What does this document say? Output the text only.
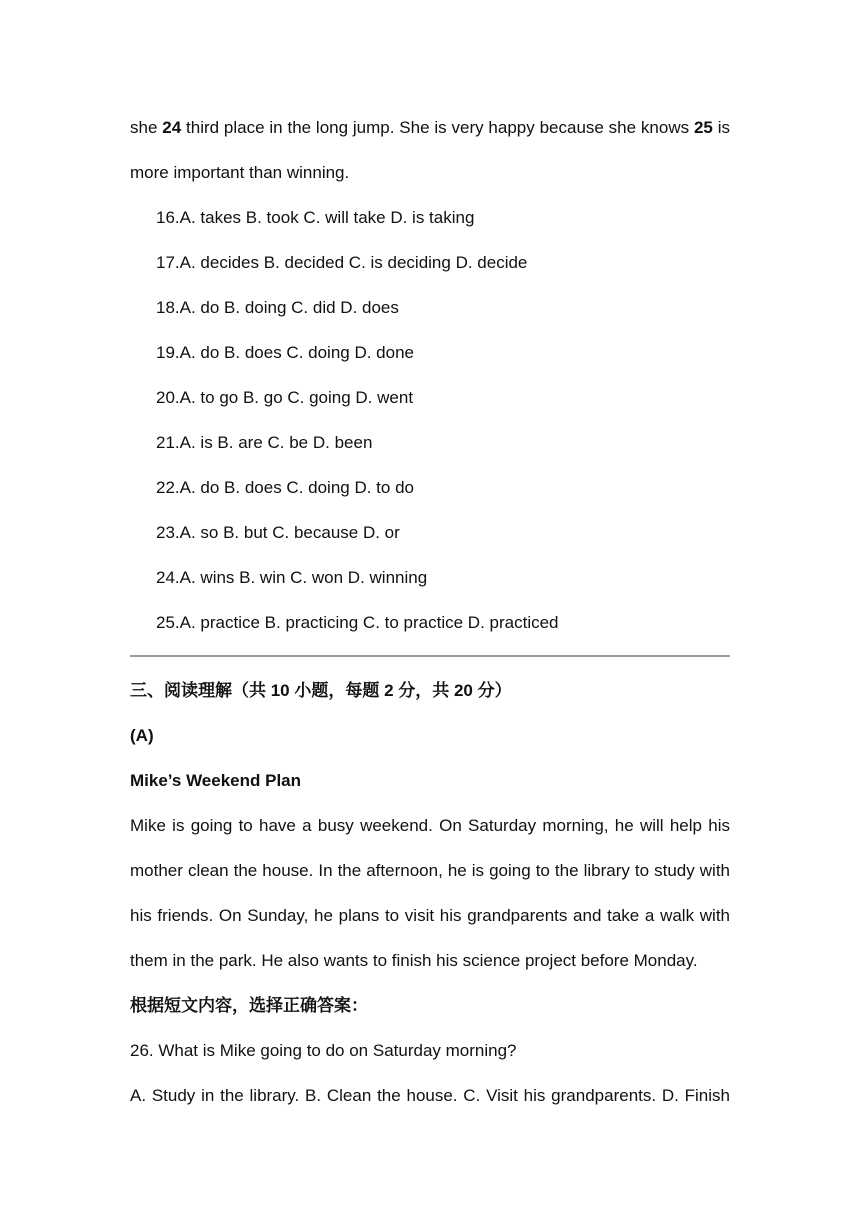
she 24 third place in the long jump. She is very happy because she knows 25 is
more important than winning.
16.A. takes B. took C. will take D. is taking
17.A. decides B. decided C. is deciding D. decide
18.A. do B. doing C. did D. does
19.A. do B. does C. doing D. done
20.A. to go B. go C. going D. went
21.A. is B. are C. be D. been
22.A. do B. does C. doing D. to do
23.A. so B. but C. because D. or
24.A. wins B. win C. won D. winning
25.A. practice B. practicing C. to practice D. practiced
三、阅读理解（共 10 小题，每题 2 分，共 20 分）
(A)
Mike’s Weekend Plan
Mike is going to have a busy weekend. On Saturday morning, he will help his
mother clean the house. In the afternoon, he is going to the library to study with
his friends. On Sunday, he plans to visit his grandparents and take a walk with
them in the park. He also wants to finish his science project before Monday.
根据短文内容，选择正确答案：
26. What is Mike going to do on Saturday morning?
A. Study in the library. B. Clean the house. C. Visit his grandparents. D. Finish
